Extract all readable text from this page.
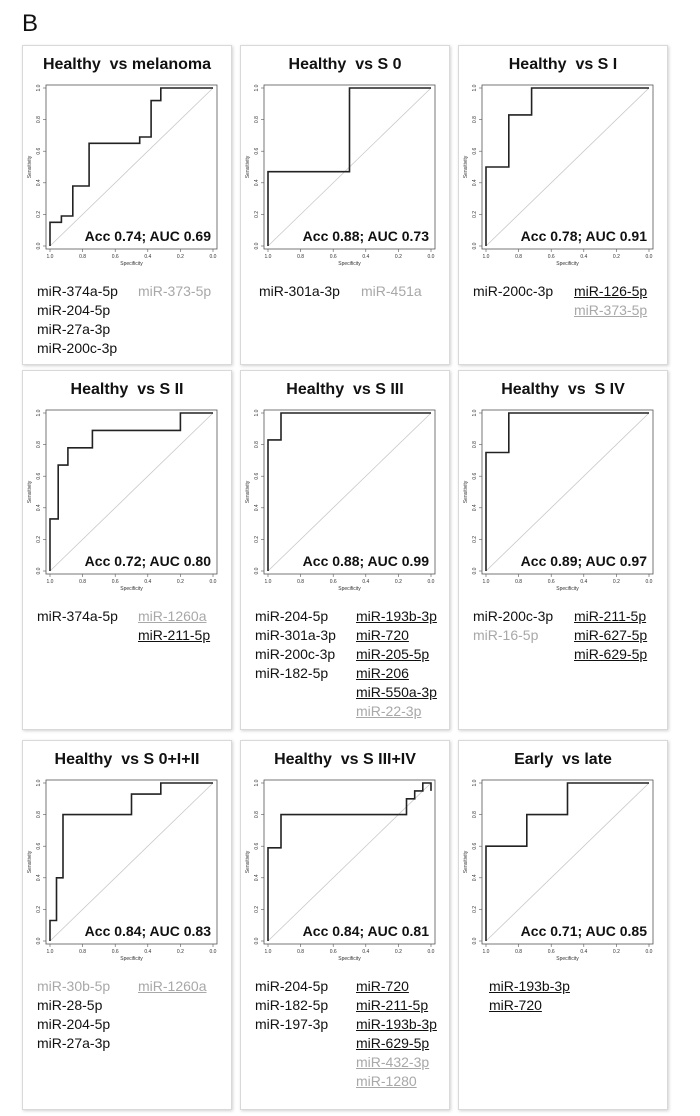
B
Healthy  vs melanoma
1.0	0.8	0.6	0.4	0.2	0.0
0.0
0.2
0.4
0.6
0.8
1.0
Specificity
Sensitivity
Acc 0.74; AUC 0.69
miR-374a-5p
miR-204-5p
miR-27a-3p
miR-200c-3p
miR-373-5p
Healthy  vs S 0
1.0	0.8	0.6	0.4	0.2	0.0
0.0
0.2
0.4
0.6
0.8
1.0
Specificity
Sensitivity
Acc 0.88; AUC 0.73
miR-301a-3p miR-451a
Healthy  vs S I
1.0	0.8	0.6	0.4	0.2	0.0
0.0
0.2
0.4
0.6
0.8
1.0
Specificity
Sensitivity
Acc 0.78; AUC 0.91
miR-200c-3p miR-126-5p
miR-373-5p
Healthy  vs S II
1.0	0.8	0.6	0.4	0.2	0.0
0.0
0.2
0.4
0.6
0.8
1.0
Specificity
Sensitivity
Acc 0.72; AUC 0.80
miR-374a-5p miR-1260a
miR-211-5p
Healthy  vs S III
1.0	0.8	0.6	0.4	0.2	0.0
0.0
0.2
0.4
0.6
0.8
1.0
Specificity
Sensitivity
Acc 0.88; AUC 0.99
miR-204-5p
miR-301a-3p
miR-200c-3p
miR-182-5p
miR-193b-3p
miR-720
miR-205-5p
miR-206
miR-550a-3p
miR-22-3p
Healthy  vs  S IV
1.0	0.8	0.6	0.4	0.2	0.0
0.0
0.2
0.4
0.6
0.8
1.0
Specificity
Sensitivity
Acc 0.89; AUC 0.97
miR-200c-3p
miR-16-5p
miR-211-5p
miR-627-5p
miR-629-5p
Healthy  vs S 0+I+II
1.0	0.8	0.6	0.4	0.2	0.0
0.0
0.2
0.4
0.6
0.8
1.0
Specificity
Sensitivity
Acc 0.84; AUC 0.83
miR-30b-5p
miR-28-5p
miR-204-5p
miR-27a-3p
miR-1260a
Healthy  vs S III+IV
1.0	0.8	0.6	0.4	0.2	0.0
0.0
0.2
0.4
0.6
0.8
1.0
Specificity
Sensitivity
Acc 0.84; AUC 0.81
miR-204-5p
miR-182-5p
miR-197-3p
miR-720
miR-211-5p
miR-193b-3p
miR-629-5p
miR-432-3p
miR-1280
Early  vs late
1.0	0.8	0.6	0.4	0.2	0.0
0.0
0.2
0.4
0.6
0.8
1.0
Specificity
Sensitivity
Acc 0.71; AUC 0.85
miR-193b-3p
miR-720
